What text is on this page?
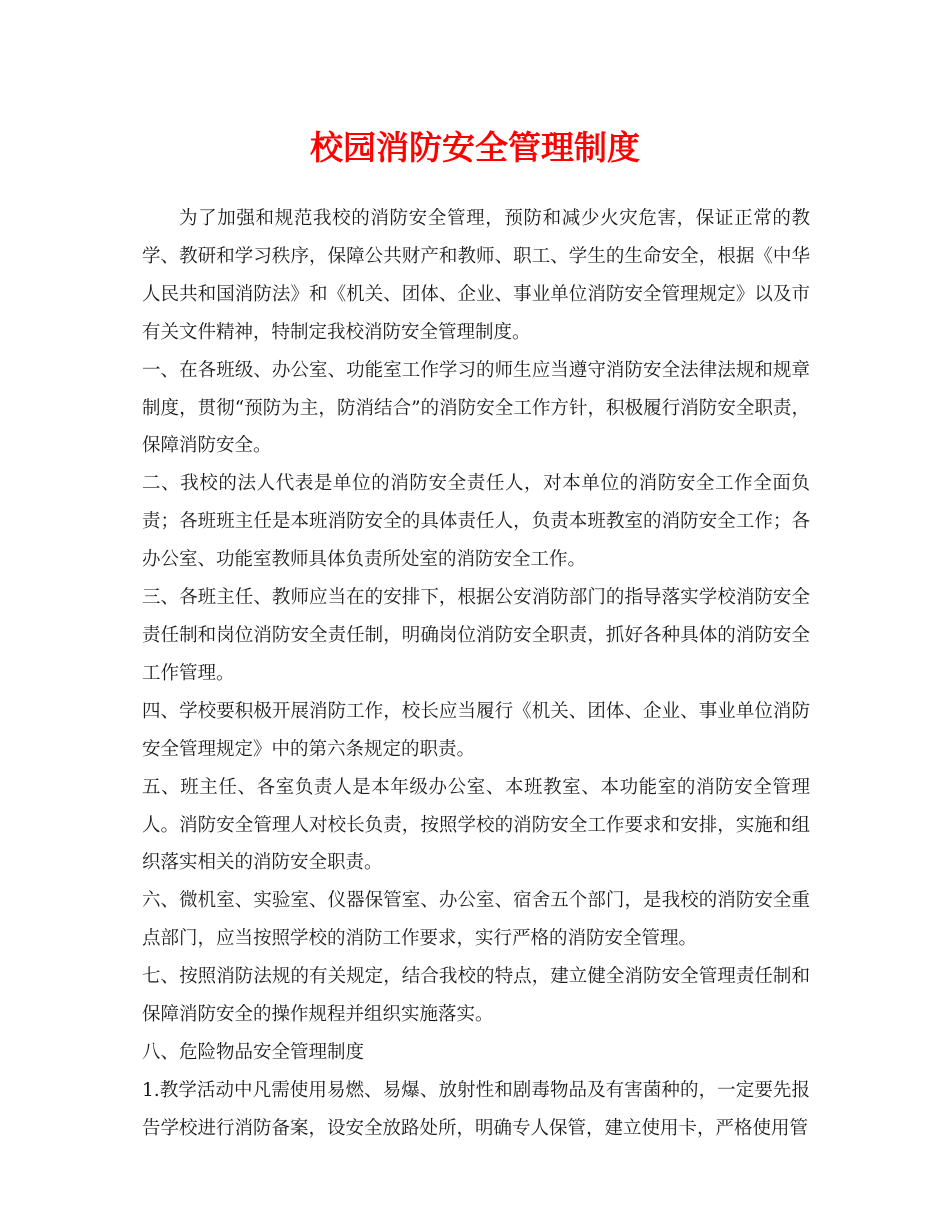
校园消防安全管理制度

为了加强和规范我校的消防安全管理，预防和减少火灾危害，保证正常的教学、教研和学习秩序，保障公共财产和教师、职工、学生的生命安全，根据《中华人民共和国消防法》和《机关、团体、企业、事业单位消防安全管理规定》以及市有关文件精神，特制定我校消防安全管理制度。

一、在各班级、办公室、功能室工作学习的师生应当遵守消防安全法律法规和规章制度，贯彻“预防为主，防消结合”的消防安全工作方针，积极履行消防安全职责，保障消防安全。

二、我校的法人代表是单位的消防安全责任人，对本单位的消防安全工作全面负责；各班班主任是本班消防安全的具体责任人，负责本班教室的消防安全工作；各办公室、功能室教师具体负责所处室的消防安全工作。

三、各班主任、教师应当在的安排下，根据公安消防部门的指导落实学校消防安全责任制和岗位消防安全责任制，明确岗位消防安全职责，抓好各种具体的消防安全工作管理。

四、学校要积极开展消防工作，校长应当履行《机关、团体、企业、事业单位消防安全管理规定》中的第六条规定的职责。

五、班主任、各室负责人是本年级办公室、本班教室、本功能室的消防安全管理人。消防安全管理人对校长负责，按照学校的消防安全工作要求和安排，实施和组织落实相关的消防安全职责。

六、微机室、实验室、仪器保管室、办公室、宿舍五个部门，是我校的消防安全重点部门，应当按照学校的消防工作要求，实行严格的消防安全管理。

七、按照消防法规的有关规定，结合我校的特点，建立健全消防安全管理责任制和保障消防安全的操作规程并组织实施落实。

八、危险物品安全管理制度

1.教学活动中凡需使用易燃、易爆、放射性和剧毒物品及有害菌种的，一定要先报告学校进行消防备案，设安全放路处所，明确专人保管，建立使用卡，严格使用管
